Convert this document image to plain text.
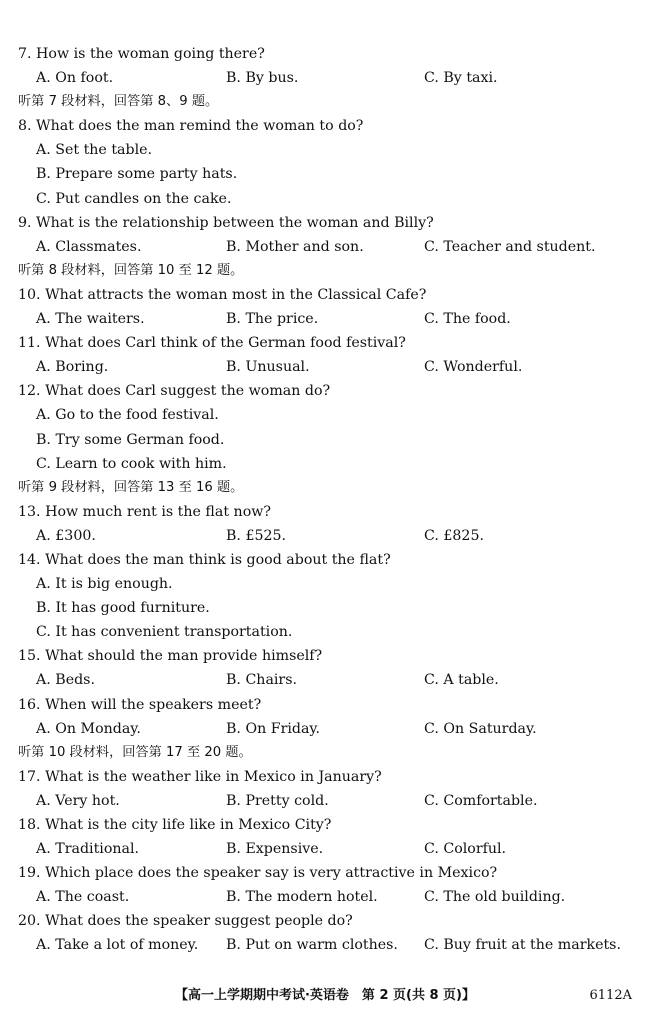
7. How is the woman going there?
A. On foot.	B. By bus.	C. By taxi.
听第 7 段材料，回答第 8、9 题。
8. What does the man remind the woman to do?
A. Set the table.
B. Prepare some party hats.
C. Put candles on the cake.
9. What is the relationship between the woman and Billy?
A. Classmates.	B. Mother and son.	C. Teacher and student.
听第 8 段材料，回答第 10 至 12 题。
10. What attracts the woman most in the Classical Cafe?
A. The waiters.	B. The price.	C. The food.
11. What does Carl think of the German food festival?
A. Boring.	B. Unusual.	C. Wonderful.
12. What does Carl suggest the woman do?
A. Go to the food festival.
B. Try some German food.
C. Learn to cook with him.
听第 9 段材料，回答第 13 至 16 题。
13. How much rent is the flat now?
A. £300.	B. £525.	C. £825.
14. What does the man think is good about the flat?
A. It is big enough.
B. It has good furniture.
C. It has convenient transportation.
15. What should the man provide himself?
A. Beds.	B. Chairs.	C. A table.
16. When will the speakers meet?
A. On Monday.	B. On Friday.	C. On Saturday.
听第 10 段材料，回答第 17 至 20 题。
17. What is the weather like in Mexico in January?
A. Very hot.	B. Pretty cold.	C. Comfortable.
18. What is the city life like in Mexico City?
A. Traditional.	B. Expensive.	C. Colorful.
19. Which place does the speaker say is very attractive in Mexico?
A. The coast.	B. The modern hotel.	C. The old building.
20. What does the speaker suggest people do?
A. Take a lot of money.	B. Put on warm clothes.	C. Buy fruit at the markets.
【高一上学期期中考试·英语卷　第 2 页(共 8 页)】	6112A
